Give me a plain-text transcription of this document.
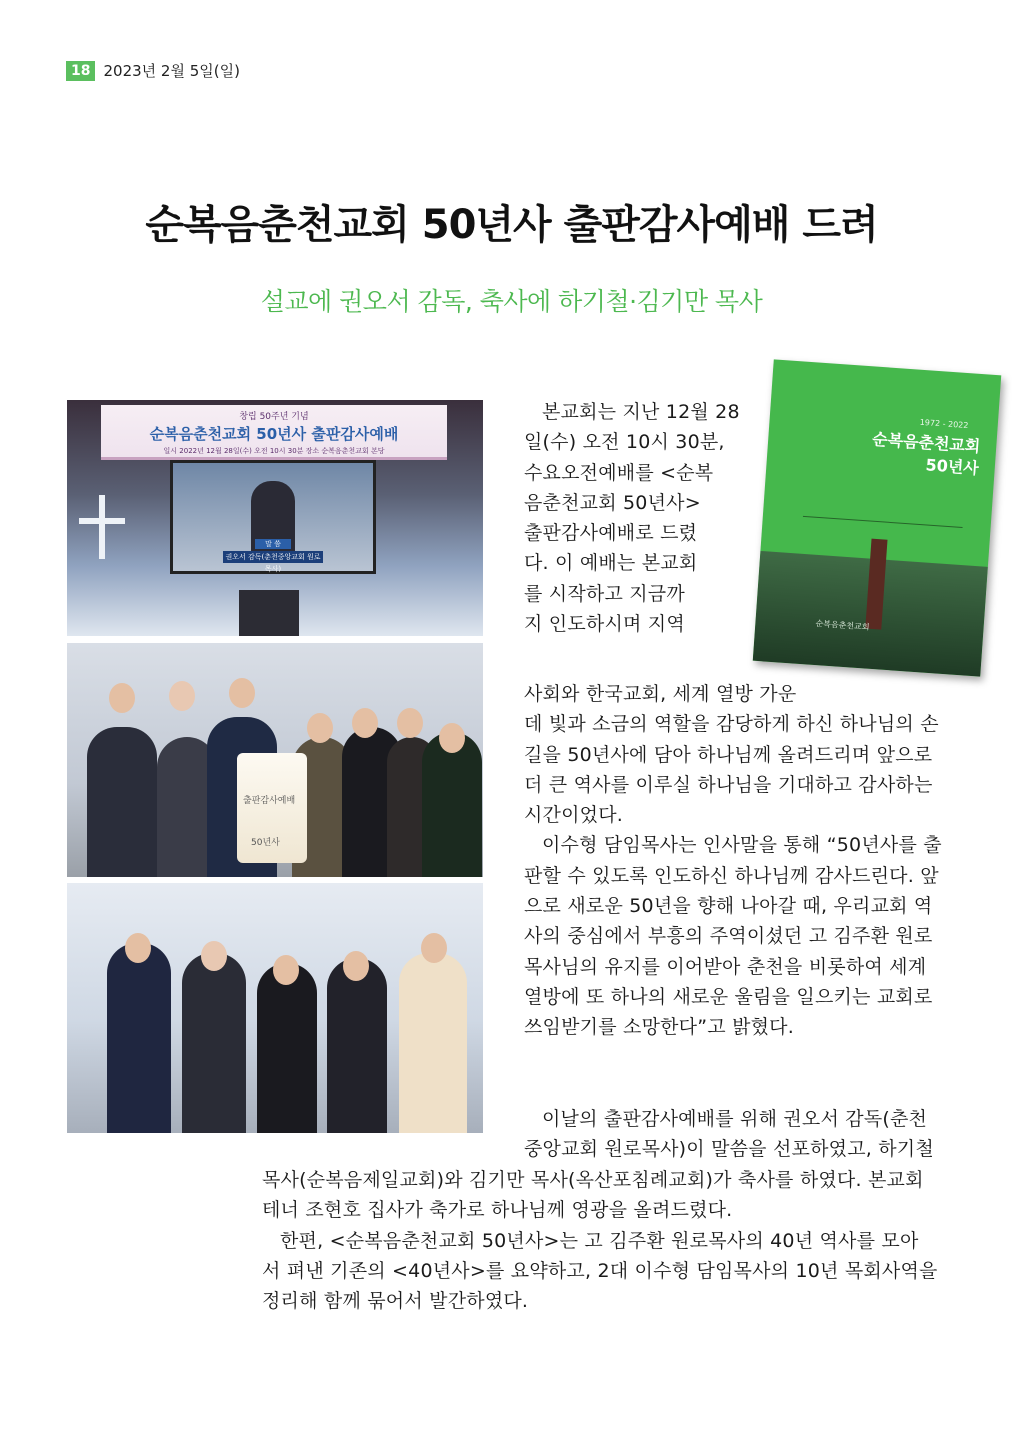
18 2023년 2월 5일(일)
순복음춘천교회 50년사 출판감사예배 드려
설교에 권오서 감독, 축사에 하기철·김기만 목사
창립 50주년 기념
순복음춘천교회 50년사 출판감사예배
일시 2022년 12월 28일(수) 오전 10시 30분 장소 순복음춘천교회 본당
말 씀
권오서 감독(춘천중앙교회 원로목사)
출판감사예배
50년사
1972 - 2022
순복음춘천교회
50년사
순복음춘천교회

본교회는 지난 12월 28

일(수) 오전 10시 30분,

수요오전예배를 <순복

음춘천교회 50년사>

출판감사예배로 드렸

다. 이 예배는 본교회

를 시작하고 지금까

지 인도하시며 지역

사회와 한국교회, 세계 열방 가운

데 빛과 소금의 역할을 감당하게 하신 하나님의 손

길을 50년사에 담아 하나님께 올려드리며 앞으로

더 큰 역사를 이루실 하나님을 기대하고 감사하는

시간이었다.

이수형 담임목사는 인사말을 통해 “50년사를 출

판할 수 있도록 인도하신 하나님께 감사드린다. 앞

으로 새로운 50년을 향해 나아갈 때, 우리교회 역

사의 중심에서 부흥의 주역이셨던 고 김주환 원로

목사님의 유지를 이어받아 춘천을 비롯하여 세계

열방에 또 하나의 새로운 울림을 일으키는 교회로

쓰임받기를 소망한다”고 밝혔다.

이날의 출판감사예배를 위해 권오서 감독(춘천

중앙교회 원로목사)이 말씀을 선포하였고, 하기철

목사(순복음제일교회)와 김기만 목사(옥산포침례교회)가 축사를 하였다. 본교회

테너 조현호 집사가 축가로 하나님께 영광을 올려드렸다.

한편, <순복음춘천교회 50년사>는 고 김주환 원로목사의 40년 역사를 모아

서 펴낸 기존의 <40년사>를 요약하고, 2대 이수형 담임목사의 10년 목회사역을

정리해 함께 묶어서 발간하였다.
